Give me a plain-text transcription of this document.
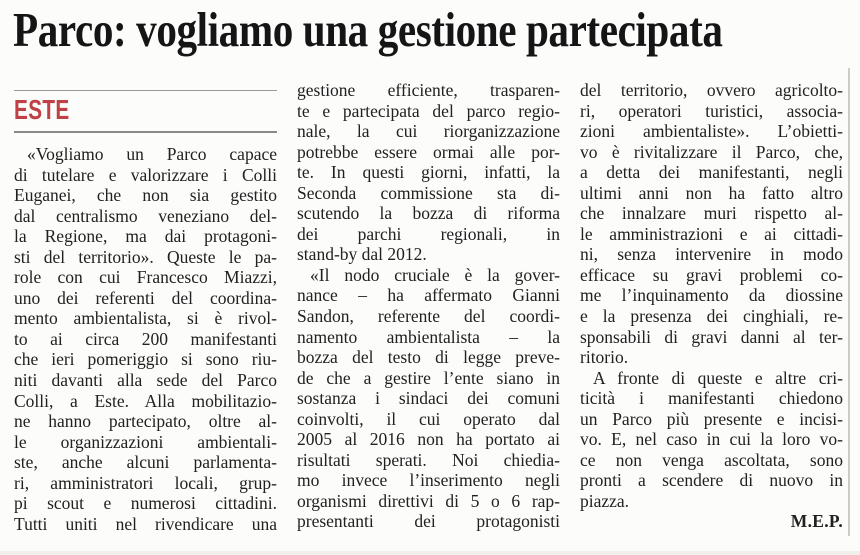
Parco: vogliamo una gestione partecipata
ESTE
«Vogliamo un Parco capace
di tutelare e valorizzare i Colli
Euganei, che non sia gestito
dal centralismo veneziano del-
la Regione, ma dai protagoni-
sti del territorio». Queste le pa-
role con cui Francesco Miazzi,
uno dei referenti del coordina-
mento ambientalista, si è rivol-
to ai circa 200 manifestanti
che ieri pomeriggio si sono riu-
niti davanti alla sede del Parco
Colli, a Este. Alla mobilitazio-
ne hanno partecipato, oltre al-
le organizzazioni ambientali-
ste, anche alcuni parlamenta-
ri, amministratori locali, grup-
pi scout e numerosi cittadini.
Tutti uniti nel rivendicare una
gestione efficiente, trasparen-
te e partecipata del parco regio-
nale, la cui riorganizzazione
potrebbe essere ormai alle por-
te. In questi giorni, infatti, la
Seconda commissione sta di-
scutendo la bozza di riforma
dei parchi regionali, in
stand-by dal 2012.
«Il nodo cruciale è la gover-
nance – ha affermato Gianni
Sandon, referente del coordi-
namento ambientalista – la
bozza del testo di legge preve-
de che a gestire l’ente siano in
sostanza i sindaci dei comuni
coinvolti, il cui operato dal
2005 al 2016 non ha portato ai
risultati sperati. Noi chiedia-
mo invece l’inserimento negli
organismi direttivi di 5 o 6 rap-
presentanti dei protagonisti
del territorio, ovvero agricolto-
ri, operatori turistici, associa-
zioni ambientaliste». L’obietti-
vo è rivitalizzare il Parco, che,
a detta dei manifestanti, negli
ultimi anni non ha fatto altro
che innalzare muri rispetto al-
le amministrazioni e ai cittadi-
ni, senza intervenire in modo
efficace su gravi problemi co-
me l’inquinamento da diossine
e la presenza dei cinghiali, re-
sponsabili di gravi danni al ter-
ritorio.
A fronte di queste e altre cri-
ticità i manifestanti chiedono
un Parco più presente e incisi-
vo. E, nel caso in cui la loro vo-
ce non venga ascoltata, sono
pronti a scendere di nuovo in
piazza.
M.E.P.
